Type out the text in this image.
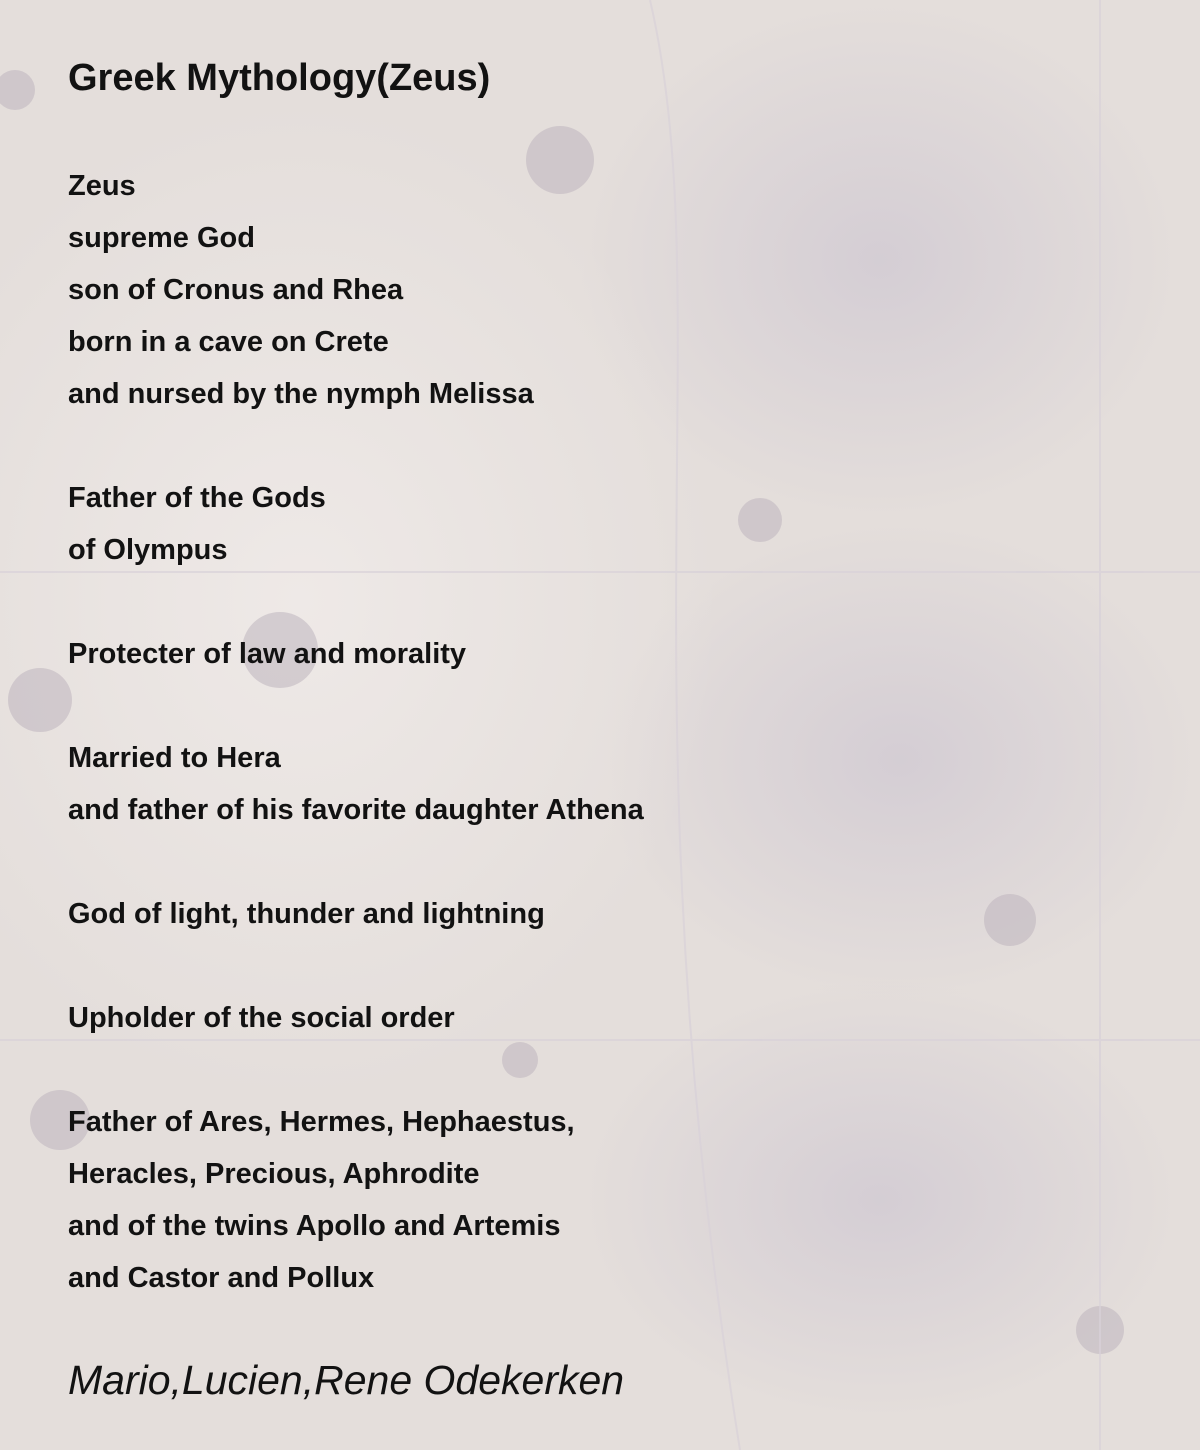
Greek Mythology(Zeus)
Zeus
supreme God
son of Cronus and Rhea
born in a cave on Crete
and nursed by the nymph Melissa
Father of the Gods
of Olympus
Protecter of law and morality
Married to Hera
and father of his favorite daughter Athena
God of light, thunder and lightning
Upholder of the social order
Father of Ares, Hermes, Hephaestus,
Heracles, Precious, Aphrodite
and of the twins Apollo and Artemis
and Castor and Pollux
Mario,Lucien,Rene Odekerken
